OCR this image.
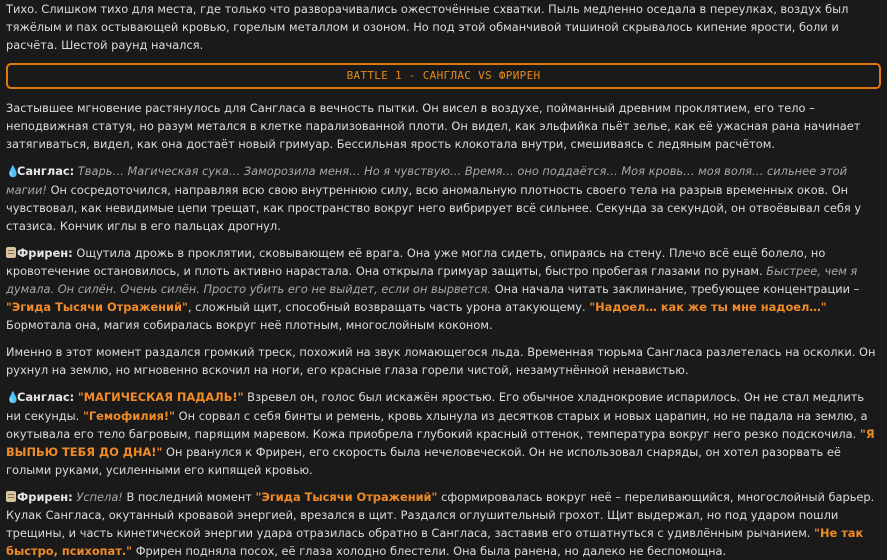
Тихо. Слишком тихо для места, где только что разворачивались ожесточённые схватки. Пыль медленно оседала в переулках, воздух был тяжёлым и пах остывающей кровью, горелым металлом и озоном. Но под этой обманчивой тишиной скрывалось кипение ярости, боли и расчёта. Шестой раунд начался.

BATTLE 1 - САНГЛАС VS ФРИРЕН

Застывшее мгновение растянулось для Сангласа в вечность пытки. Он висел в воздухе, пойманный древним проклятием, его тело – неподвижная статуя, но разум метался в клетке парализованной плоти. Он видел, как эльфийка пьёт зелье, как её ужасная рана начинает затягиваться, видел, как она достаёт новый гримуар. Бессильная ярость клокотала внутри, смешиваясь с ледяным расчётом.

💧Санглас: Тварь… Магическая сука… Заморозила меня… Но я чувствую… Время… оно поддаётся… Моя кровь… моя воля… сильнее этой магии! Он сосредоточился, направляя всю свою внутреннюю силу, всю аномальную плотность своего тела на разрыв временных оков. Он чувствовал, как невидимые цепи трещат, как пространство вокруг него вибрирует всё сильнее. Секунда за секундой, он отвоёвывал себя у стазиса. Кончик иглы в его пальцах дрогнул.

Фрирен: Ощутила дрожь в проклятии, сковывающем её врага. Она уже могла сидеть, опираясь на стену. Плечо всё ещё болело, но кровотечение остановилось, и плоть активно нарастала. Она открыла гримуар защиты, быстро пробегая глазами по рунам. Быстрее, чем я думала. Он силён. Очень силён. Просто убить его не выйдет, если он вырвется. Она начала читать заклинание, требующее концентрации – "Эгида Тысячи Отражений", сложный щит, способный возвращать часть урона атакующему. "Надоел… как же ты мне надоел…" Бормотала она, магия собиралась вокруг неё плотным, многослойным коконом.

Именно в этот момент раздался громкий треск, похожий на звук ломающегося льда. Временная тюрьма Сангласа разлетелась на осколки. Он рухнул на землю, но мгновенно вскочил на ноги, его красные глаза горели чистой, незамутнённой ненавистью.

💧Санглас: "МАГИЧЕСКАЯ ПАДАЛЬ!" Взревел он, голос был искажён яростью. Его обычное хладнокровие испарилось. Он не стал медлить ни секунды. "Гемофилия!" Он сорвал с себя бинты и ремень, кровь хлынула из десятков старых и новых царапин, но не падала на землю, а окутывала его тело багровым, парящим маревом. Кожа приобрела глубокий красный оттенок, температура вокруг него резко подскочила. "Я ВЫПЬЮ ТЕБЯ ДО ДНА!" Он рванулся к Фрирен, его скорость была нечеловеческой. Он не использовал снаряды, он хотел разорвать её голыми руками, усиленными его кипящей кровью.

Фрирен: Успела! В последний момент "Эгида Тысячи Отражений" сформировалась вокруг неё – переливающийся, многослойный барьер. Кулак Сангласа, окутанный кровавой энергией, врезался в щит. Раздался оглушительный грохот. Щит выдержал, но под ударом пошли трещины, и часть кинетической энергии удара отразилась обратно в Сангласа, заставив его отшатнуться с удивлённым рычанием. "Не так быстро, психопат." Фрирен подняла посох, её глаза холодно блестели. Она была ранена, но далеко не беспомощна.
